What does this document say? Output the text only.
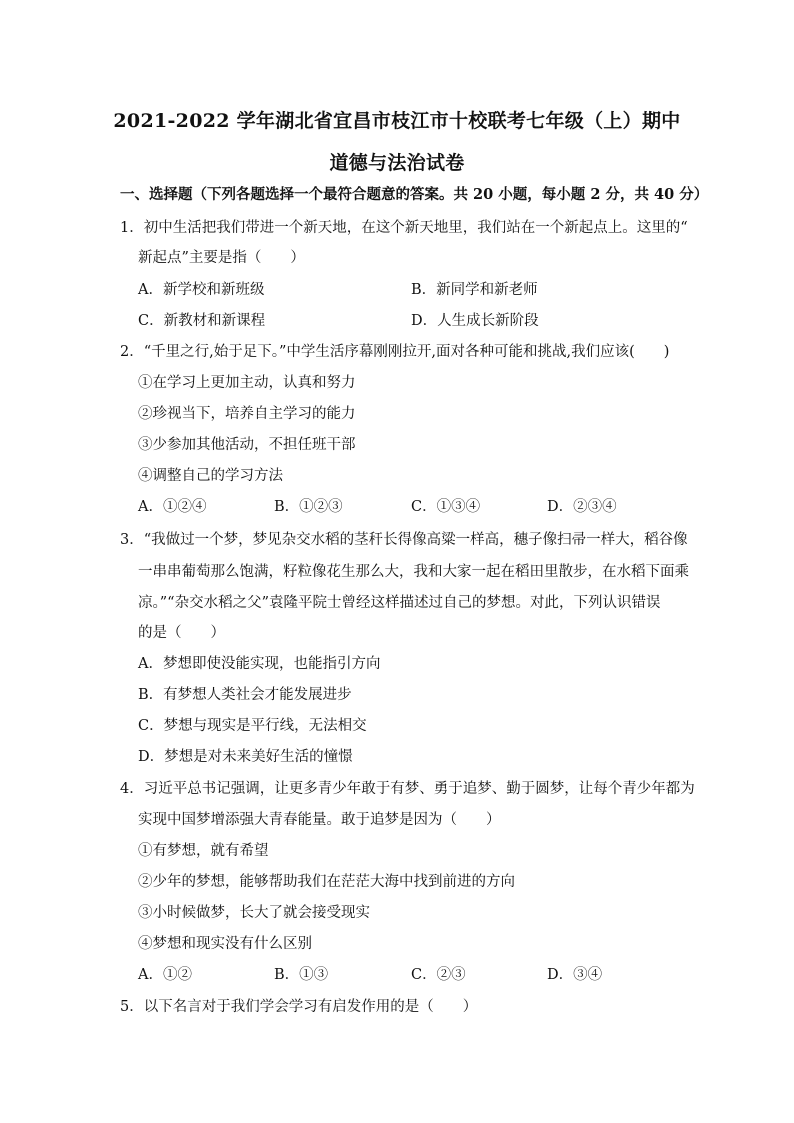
2021-2022 学年湖北省宜昌市枝江市十校联考七年级（上）期中
道德与法治试卷
一、选择题（下列各题选择一个最符合题意的答案。共 20 小题，每小题 2 分，共 40 分）
1．初中生活把我们带进一个新天地，在这个新天地里，我们站在一个新起点上。这里的“
新起点”主要是指（　　）
A．新学校和新班级	B．新同学和新老师
C．新教材和新课程	D．人生成长新阶段
2．“千里之行,始于足下。”中学生活序幕刚刚拉开,面对各种可能和挑战,我们应该(　　)
①在学习上更加主动，认真和努力
②珍视当下，培养自主学习的能力
③少参加其他活动，不担任班干部
④调整自己的学习方法
A．①②④	B．①②③	C．①③④	D．②③④
3．“我做过一个梦，梦见杂交水稻的茎秆长得像高粱一样高，穗子像扫帚一样大，稻谷像
一串串葡萄那么饱满，籽粒像花生那么大，我和大家一起在稻田里散步，在水稻下面乘
凉。”“杂交水稻之父”袁隆平院士曾经这样描述过自己的梦想。对此，下列认识错误
的是（　　）
A．梦想即使没能实现，也能指引方向
B．有梦想人类社会才能发展进步
C．梦想与现实是平行线，无法相交
D．梦想是对未来美好生活的憧憬
4．习近平总书记强调，让更多青少年敢于有梦、勇于追梦、勤于圆梦，让每个青少年都为
实现中国梦增添强大青春能量。敢于追梦是因为（　　）
①有梦想，就有希望
②少年的梦想，能够帮助我们在茫茫大海中找到前进的方向
③小时候做梦，长大了就会接受现实
④梦想和现实没有什么区别
A．①②	B．①③	C．②③	D．③④
5．以下名言对于我们学会学习有启发作用的是（　　）
